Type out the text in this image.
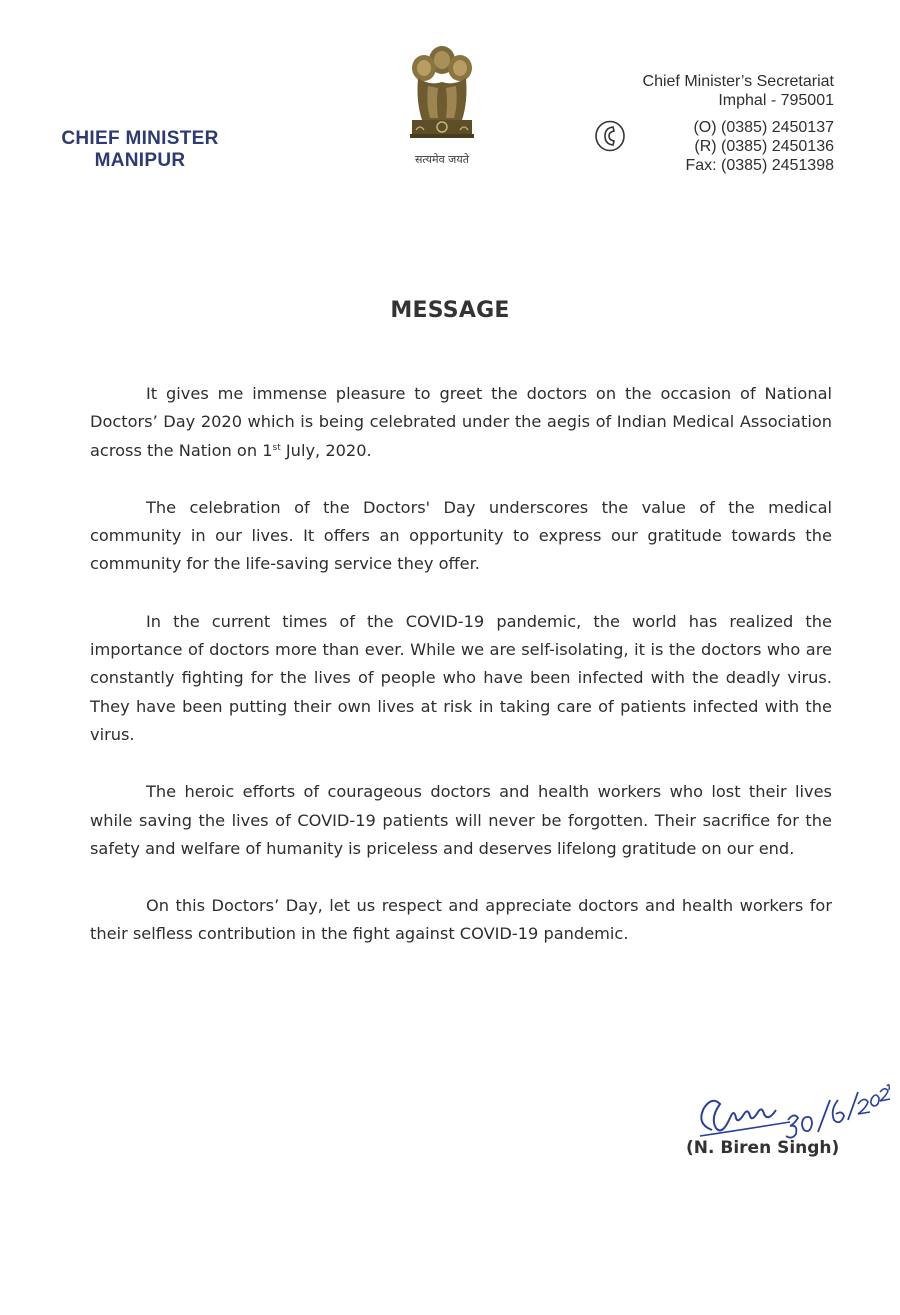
CHIEF MINISTER
MANIPUR	सत्यमेव जयते
Chief Minister’s Secretariat
Imphal - 795001
(O) (0385) 2450137
(R) (0385) 2450136
Fax: (0385) 2451398
MESSAGE

It gives me immense pleasure to greet the doctors on the occasion of National Doctors’ Day 2020 which is being celebrated under the aegis of Indian Medical Association across the Nation on 1st July, 2020.

The celebration of the Doctors' Day underscores the value of the medical community in our lives. It offers an opportunity to express our gratitude towards the community for the life-saving service they offer.

In the current times of the COVID-19 pandemic, the world has realized the importance of doctors more than ever. While we are self-isolating, it is the doctors who are constantly fighting for the lives of people who have been infected with the deadly virus. They have been putting their own lives at risk in taking care of patients infected with the virus.

The heroic efforts of courageous doctors and health workers who lost their lives while saving the lives of COVID-19 patients will never be forgotten. Their sacrifice for the safety and welfare of humanity is priceless and deserves lifelong gratitude on our end.

On this Doctors’ Day, let us respect and appreciate doctors and health workers for their selfless contribution in the fight against COVID-19 pandemic.

(N. Biren Singh)
